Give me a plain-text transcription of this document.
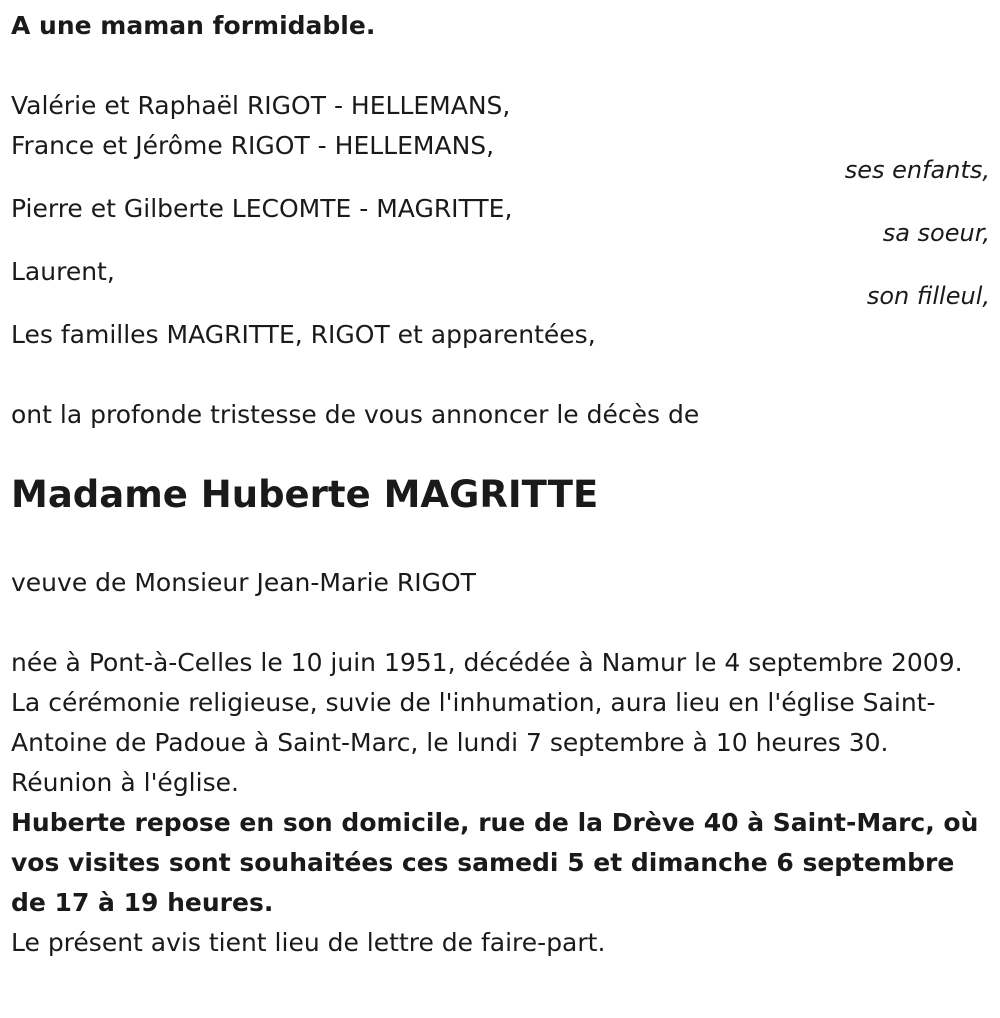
A une maman formidable.
Valérie et Raphaël RIGOT - HELLEMANS,
France et Jérôme RIGOT - HELLEMANS,
ses enfants,
Pierre et Gilberte LECOMTE - MAGRITTE,
sa soeur,
Laurent,
son filleul,
Les familles MAGRITTE, RIGOT et apparentées,
ont la profonde tristesse de vous annoncer le décès de
Madame Huberte MAGRITTE
veuve de Monsieur Jean-Marie RIGOT
née à Pont-à-Celles le 10 juin 1951, décédée à Namur le 4 septembre 2009.
La cérémonie religieuse, suvie de l'inhumation, aura lieu en l'église Saint-Antoine de Padoue à Saint-Marc, le lundi 7 septembre à 10 heures 30.
Réunion à l'église.
Huberte repose en son domicile, rue de la Drève 40 à Saint-Marc, où vos visites sont souhaitées ces samedi 5 et dimanche 6 septembre de 17 à 19 heures.
Le présent avis tient lieu de lettre de faire-part.
